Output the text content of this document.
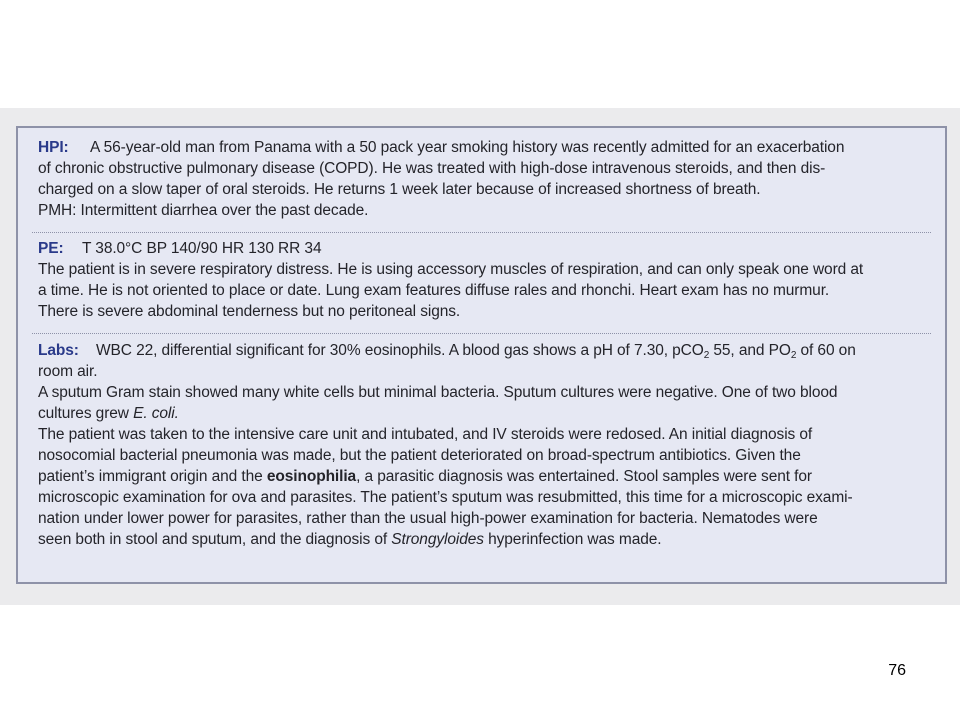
HPI: A 56-year-old man from Panama with a 50 pack year smoking history was recently admitted for an exacerbation

of chronic obstructive pulmonary disease (COPD). He was treated with high-dose intravenous steroids, and then dis-

charged on a slow taper of oral steroids. He returns 1 week later because of increased shortness of breath.

PMH: Intermittent diarrhea over the past decade.

PE: T 38.0°C BP 140/90 HR 130 RR 34

The patient is in severe respiratory distress. He is using accessory muscles of respiration, and can only speak one word at

a time. He is not oriented to place or date. Lung exam features diffuse rales and rhonchi. Heart exam has no murmur.

There is severe abdominal tenderness but no peritoneal signs.

Labs: WBC 22, differential significant for 30% eosinophils. A blood gas shows a pH of 7.30, pCO$_2$ 55, and $PO_2$ of 60 on

room air.

A sputum Gram stain showed many white cells but minimal bacteria. Sputum cultures were negative. One of two blood

cultures grew E. coli.

The patient was taken to the intensive care unit and intubated, and IV steroids were redosed. An initial diagnosis of

nosocomial bacterial pneumonia was made, but the patient deteriorated on broad-spectrum antibiotics. Given the

patient’s immigrant origin and the eosinophilia, a parasitic diagnosis was entertained. Stool samples were sent for

microscopic examination for ova and parasites. The patient’s sputum was resubmitted, this time for a microscopic exami-

nation under lower power for parasites, rather than the usual high-power examination for bacteria. Nematodes were

seen both in stool and sputum, and the diagnosis of Strongyloides hyperinfection was made.

76
